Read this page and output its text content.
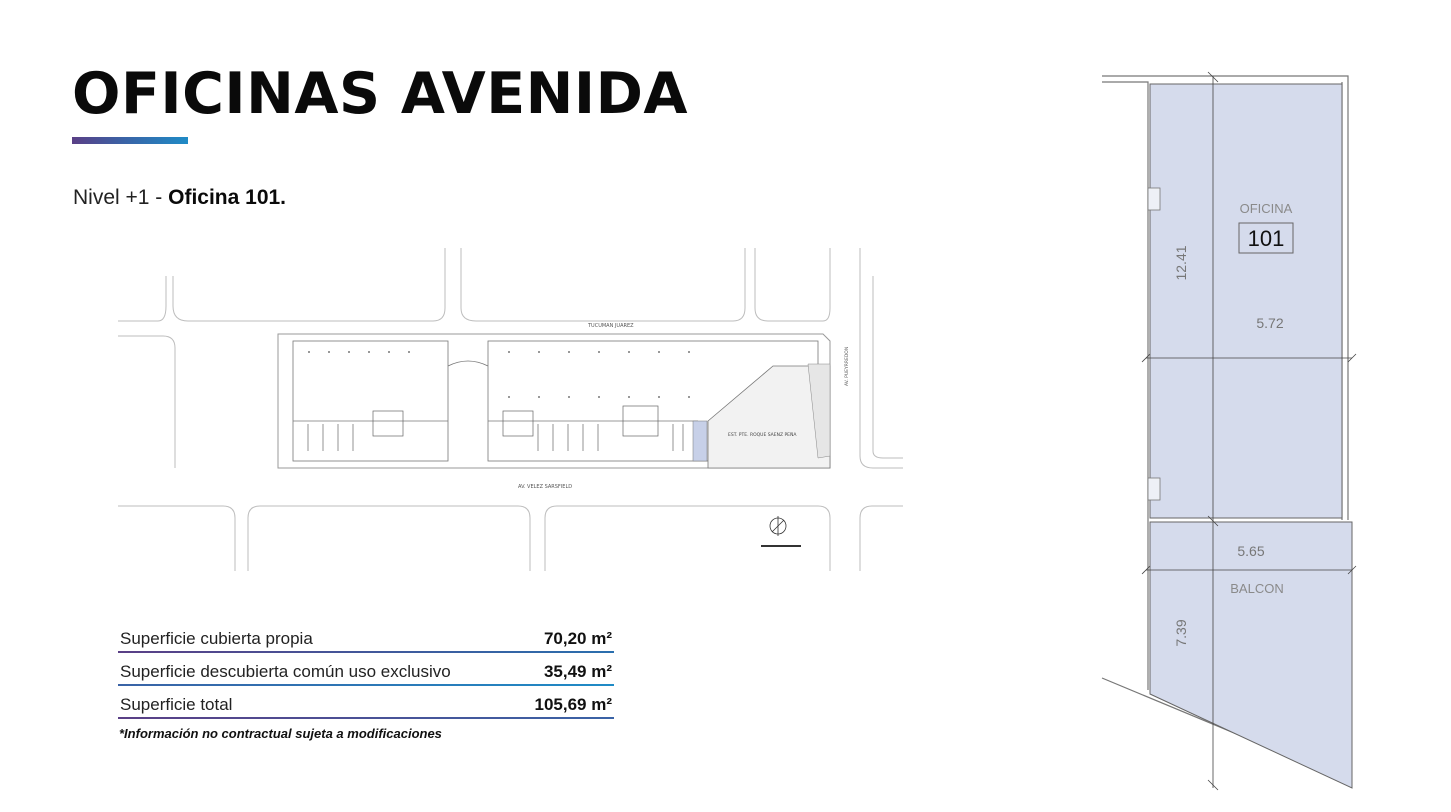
OFICINAS AVENIDA
Nivel +1 - Oficina 101.
TUCUMAN JUAREZ
AV. VELEZ SARSFIELD
EST. PTE. ROQUE SAENZ PEÑA
AV. PUEYRREDON
Superficie cubierta propia	70,20 m²
Superficie descubierta común uso exclusivo	35,49 m²
Superficie total	105,69 m²
*Información no contractual sujeta a modificaciones
OFICINA
101
5.72
12.41
5.65
BALCON
7.39
